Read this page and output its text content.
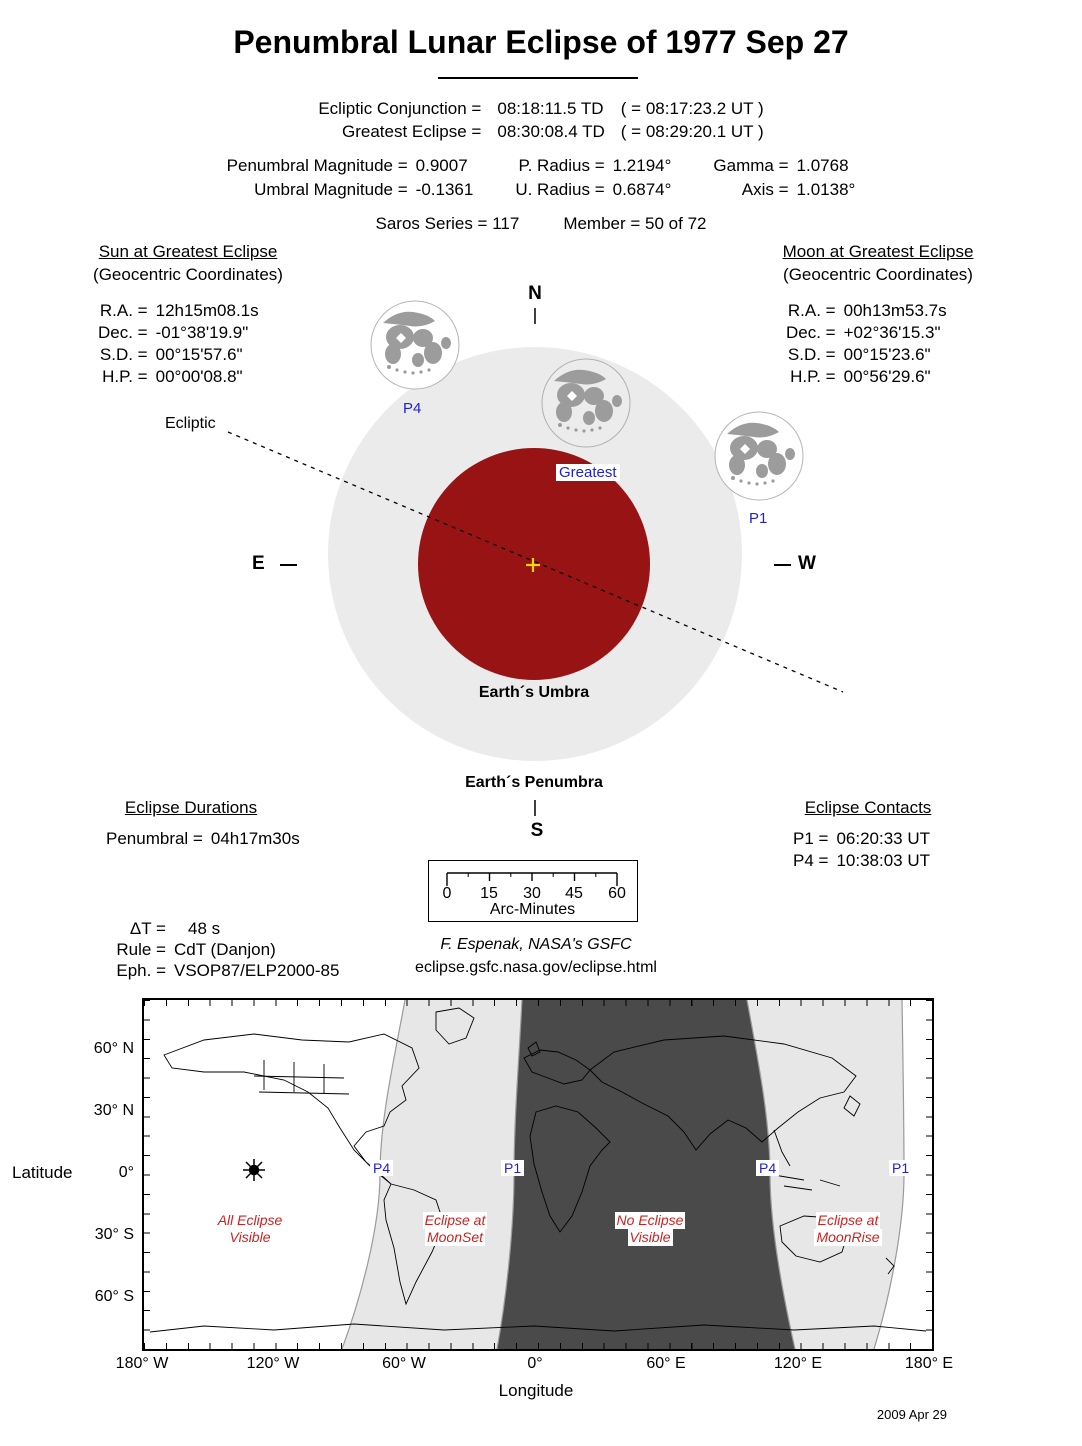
Penumbral Lunar Eclipse of 1977 Sep 27
Ecliptic Conjunction = 08:18:11.5 TD ( = 08:17:23.2 UT )
Greatest Eclipse = 08:30:08.4 TD ( = 08:29:20.1 UT )
Penumbral Magnitude = 0.9007
Umbral Magnitude = -0.1361
P. Radius = 1.2194°
U. Radius = 0.6874°
Gamma = 1.0768
Axis = 1.0138°
Saros Series = 117	Member = 50 of 72
Sun at Greatest Eclipse
(Geocentric Coordinates)
R.A. = 12h15m08.1s
Dec. = -01°38'19.9"
S.D. = 00°15'57.6"
H.P. = 00°00'08.8"
Moon at Greatest Eclipse
(Geocentric Coordinates)
R.A. = 00h13m53.7s
Dec. = +02°36'15.3"
S.D. = 00°15'23.6"
H.P. = 00°56'29.6"
N
S
E	W
Ecliptic
Earth´s Umbra
Earth´s Penumbra
P4
Greatest
P1
Eclipse Durations
Penumbral = 04h17m30s
Eclipse Contacts
P1 = 06:20:33 UT
P4 = 10:38:03 UT
0	15 30 45 60
Arc-Minutes
ΔT =	48 s
Rule = CdT (Danjon)
Eph. = VSOP87/ELP2000-85
F. Espenak, NASA's GSFC
eclipse.gsfc.nasa.gov/eclipse.html
P4	P1	P4	P1
All Eclipse
Visible
Eclipse at
MoonSet
No Eclipse
Visible
Eclipse at
MoonRise
60° N
30° N
0°
30° S
60° S
Latitude
180° W	120° W	60° W	0°	60° E	120° E	180° E
Longitude
2009 Apr 29
